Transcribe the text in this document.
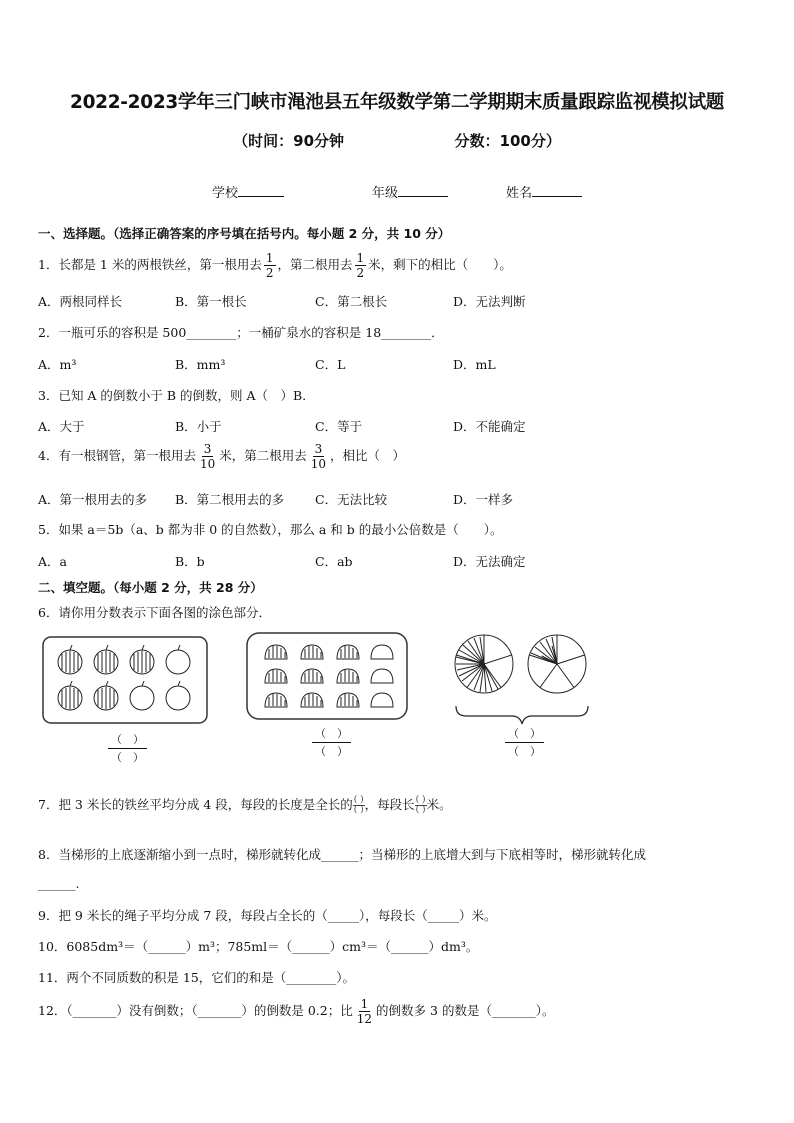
2022-2023学年三门峡市渑池县五年级数学第二学期期末质量跟踪监视模拟试题
（时间：90分钟	分数：100分）
学校	年级	姓名
一、选择题。（选择正确答案的序号填在括号内。每小题 2 分，共 10 分）
1．长都是 1 米的两根铁丝，第一根用去 $\frac{1}{2}$ ，第二根用去 $\frac{1}{2}$ 米，剩下的相比（　　）。
A．两根同样长	B．第一根长	C．第二根长	D．无法判断
2．一瓶可乐的容积是 500________；一桶矿泉水的容积是 18________．
A．m³	B．mm³	C．L	D．mL
3．已知 A 的倒数小于 B 的倒数，则 A（　）B．
A．大于	B．小于	C．等于	D．不能确定
4．有一根钢管，第一根用去 $\frac{3}{10}$ 米，第二根用去 $\frac{3}{10}$ ，相比（　）
A．第一根用去的多 B．第二根用去的多 C．无法比较	D．一样多
5．如果 a＝5b（a、b 都为非 0 的自然数），那么 a 和 b 的最小公倍数是（　　）。
A．a	B．b	C．ab	D．无法确定
二、填空题。（每小题 2 分，共 28 分）
6．请你用分数表示下面各图的涂色部分．
（　）
（　）
（　）
（　）
（　）
（　）
7．把 3 米长的铁丝平均分成 4 段，每段的长度是全长的 $\frac{( )}{( )}$ ，每段长 $\frac{( )}{( )}$ 米。
8．当梯形的上底逐渐缩小到一点时，梯形就转化成______；当梯形的上底增大到与下底相等时，梯形就转化成
______.
9．把 9 米长的绳子平均分成 7 段，每段占全长的（_____），每段长（_____）米。
10．6085dm³＝（______）m³；785ml＝（______）cm³＝（______）dm³。
11．两个不同质数的积是 15，它们的和是（________）。
12．（_______）没有倒数；（_______）的倒数是 0.2；比 $\frac{1}{12}$ 的倒数多 3 的数是（_______）。
